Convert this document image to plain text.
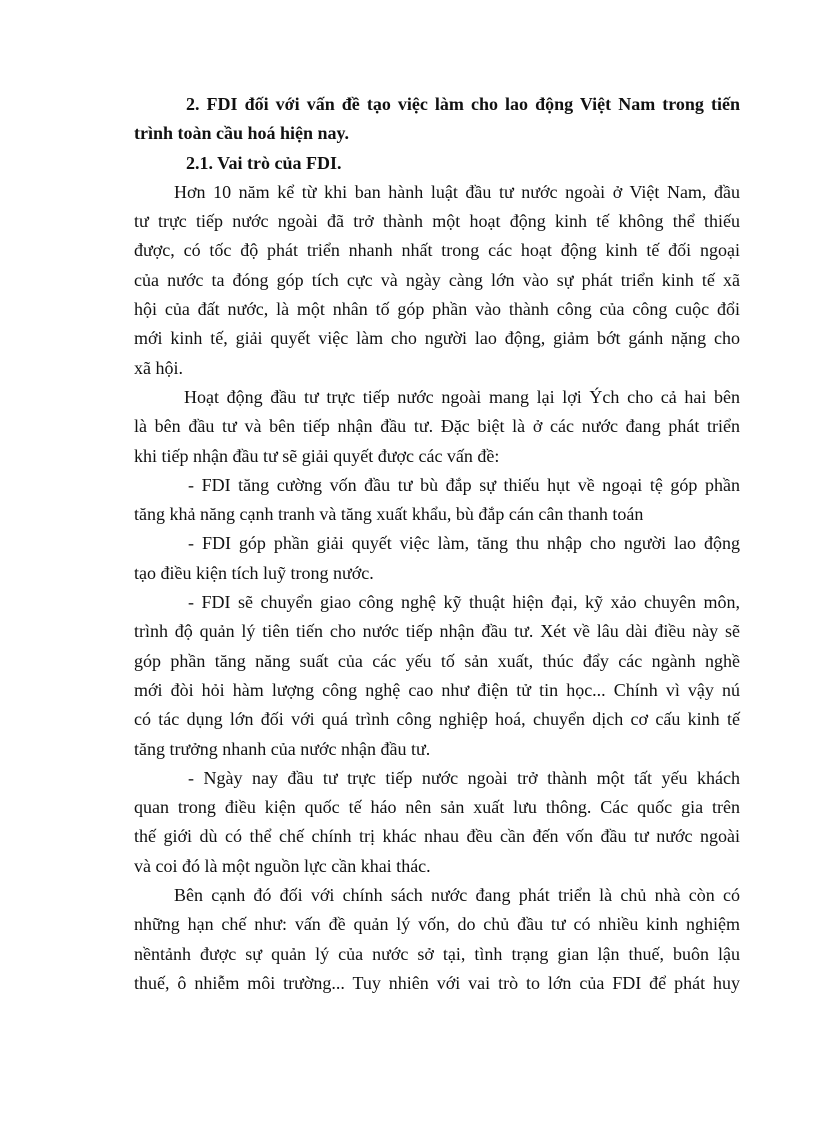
2. FDI đối với vấn đề tạo việc làm cho lao động Việt Nam trong tiến
trình toàn cầu hoá hiện nay.
2.1. Vai trò của FDI.
Hơn 10 năm kể từ khi ban hành luật đầu tư nước ngoài ở Việt Nam, đầu
tư trực tiếp nước ngoài đã trở thành một hoạt động kinh tế không thể thiếu
được, có tốc độ phát triển nhanh nhất trong các hoạt động kinh tế đối ngoại
của nước ta đóng góp tích cực và ngày càng lớn vào sự phát triển kinh tế xã
hội của đất nước, là một nhân tố góp phần vào thành công của công cuộc đổi
mới kinh tế, giải quyết việc làm cho người lao động, giảm bớt gánh nặng cho
xã hội.
Hoạt động đầu tư trực tiếp nước ngoài mang lại lợi Ých cho cả hai bên
là bên đầu tư và bên tiếp nhận đầu tư. Đặc biệt là ở các nước đang phát triển
khi tiếp nhận đầu tư sẽ giải quyết được các vấn đề:
- FDI tăng cường vốn đầu tư bù đắp sự thiếu hụt về ngoại tệ góp phần
tăng khả năng cạnh tranh và tăng xuất khẩu, bù đắp cán cân thanh toán
- FDI góp phần giải quyết việc làm, tăng thu nhập cho người lao động
tạo điều kiện tích luỹ trong nước.
- FDI sẽ chuyển giao công nghệ kỹ thuật hiện đại, kỹ xảo chuyên môn,
trình độ quản lý tiên tiến cho nước tiếp nhận đầu tư. Xét về lâu dài điều này sẽ
góp phần tăng năng suất của các yếu tố sản xuất, thúc đẩy các ngành nghề
mới đòi hỏi hàm lượng công nghệ cao như điện tử tin học... Chính vì vậy nú
có tác dụng lớn đối với quá trình công nghiệp hoá, chuyển dịch cơ cấu kinh tế
tăng trưởng nhanh của nước nhận đầu tư.
- Ngày nay đầu tư trực tiếp nước ngoài trở thành một tất yếu khách
quan trong điều kiện quốc tế háo nên sản xuất lưu thông. Các quốc gia trên
thế giới dù có thể chế chính trị khác nhau đều cần đến vốn đầu tư nước ngoài
và coi đó là một nguồn lực cần khai thác.
Bên cạnh đó đối với chính sách nước đang phát triển là chủ nhà còn có
những hạn chế như: vấn đề quản lý vốn, do chủ đầu tư có nhiều kinh nghiệm
nềntảnh được sự quản lý của nước sở tại, tình trạng gian lận thuế, buôn lậu
thuế, ô nhiễm môi trường... Tuy nhiên với vai trò to lớn của FDI để phát huy
